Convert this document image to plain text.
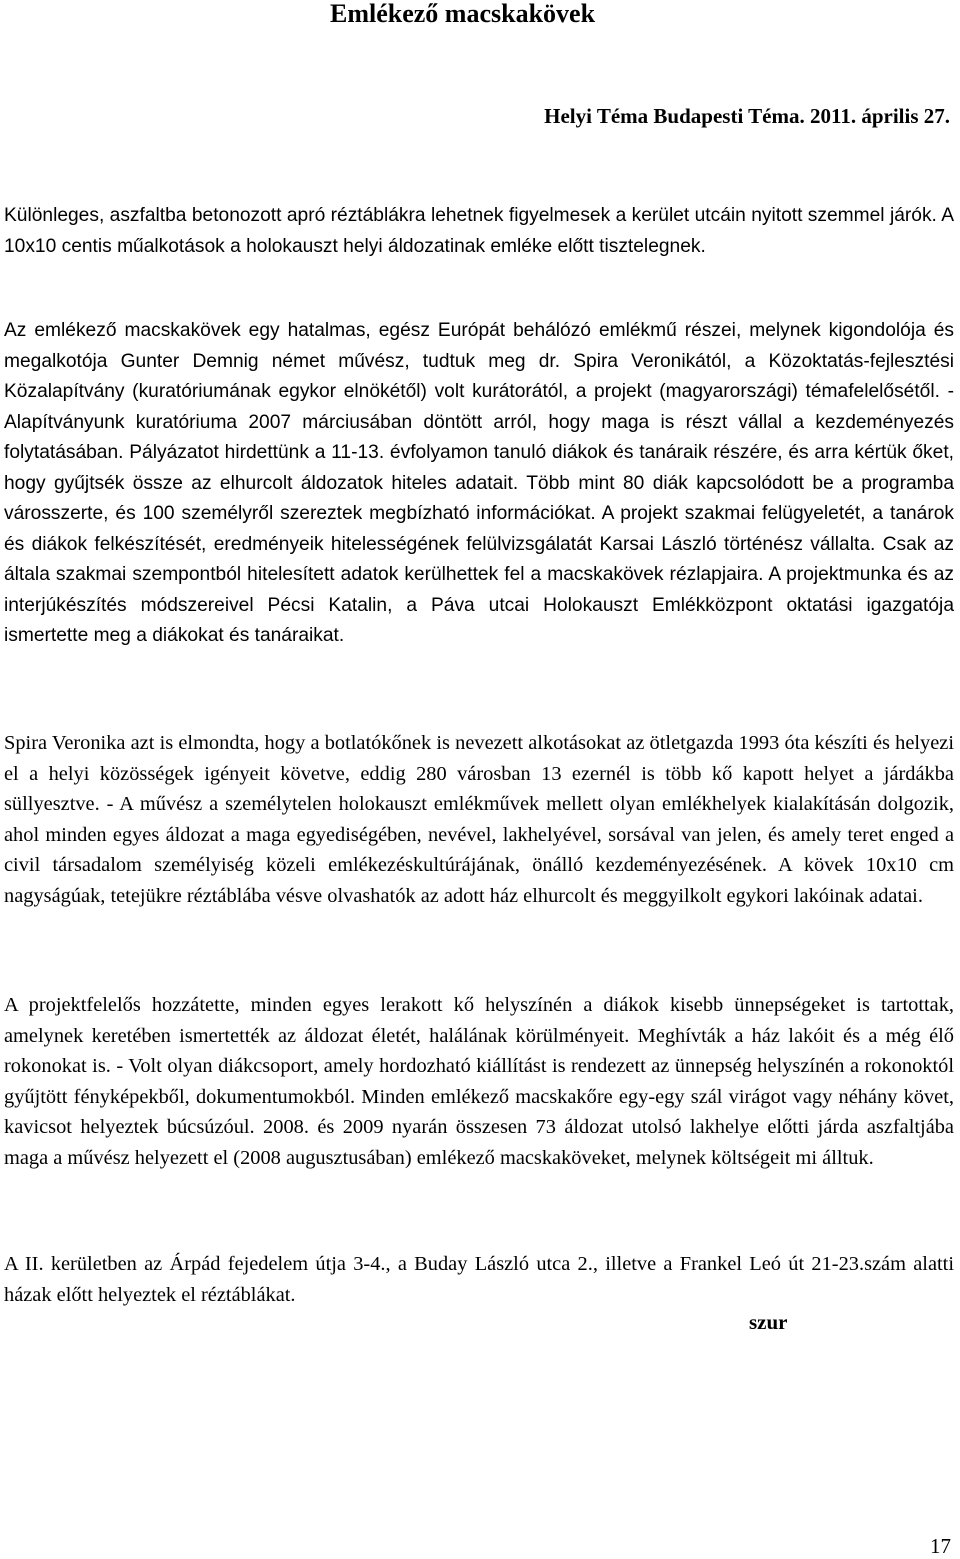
Emlékező macskakövek

Helyi Téma Budapesti Téma. 2011. április 27.

Különleges, aszfaltba betonozott apró réztáblákra lehetnek figyelmesek a kerület utcáin nyitott szemmel járók. A 10x10 centis műalkotások a holokauszt helyi áldozatinak emléke előtt tisztelegnek.

Az emlékező macskakövek egy hatalmas, egész Európát behálózó emlékmű részei, melynek kigondolója és megalkotója Gunter Demnig német művész, tudtuk meg dr. Spira Veronikától, a Közoktatás-fejlesztési Közalapítvány (kuratóriumának egykor elnökétől) volt kurátorától, a projekt (magyarországi) témafelelősétől. - Alapítványunk kuratóriuma 2007 márciusában döntött arról, hogy maga is részt vállal a kezdeményezés folytatásában. Pályázatot hirdettünk a 11-13. évfolyamon tanuló diákok és tanáraik részére, és arra kértük őket, hogy gyűjtsék össze az elhurcolt áldozatok hiteles adatait. Több mint 80 diák kapcsolódott be a programba városszerte, és 100 személyről szereztek megbízható információkat. A projekt szakmai felügyeletét, a tanárok és diákok felkészítését, eredményeik hitelességének felülvizsgálatát Karsai László történész vállalta. Csak az általa szakmai szempontból hitelesített adatok kerülhettek fel a macskakövek rézlapjaira. A projektmunka és az interjúkészítés módszereivel Pécsi Katalin, a Páva utcai Holokauszt Emlékközpont oktatási igazgatója ismertette meg a diákokat és tanáraikat.

Spira Veronika azt is elmondta, hogy a botlatókőnek is nevezett alkotásokat az ötletgazda 1993 óta készíti és helyezi el a helyi közösségek igényeit követve, eddig 280 városban 13 ezernél is több kő kapott helyet a járdákba süllyesztve. - A művész a személytelen holokauszt emlékművek mellett olyan emlékhelyek kialakításán dolgozik, ahol minden egyes áldozat a maga egyediségében, nevével, lakhelyével, sorsával van jelen, és amely teret enged a civil társadalom személyiség közeli emlékezéskultúrájának, önálló kezdeményezésének. A kövek 10x10 cm nagyságúak, tetejükre réztáblába vésve olvashatók az adott ház elhurcolt és meggyilkolt egykori lakóinak adatai.

A projektfelelős hozzátette, minden egyes lerakott kő helyszínén a diákok kisebb ünnepségeket is tartottak, amelynek keretében ismertették az áldozat életét, halálának körülményeit. Meghívták a ház lakóit és a még élő rokonokat is. - Volt olyan diákcsoport, amely hordozható kiállítást is rendezett az ünnepség helyszínén a rokonoktól gyűjtött fényképekből, dokumentumokból. Minden emlékező macskakőre egy-egy szál virágot vagy néhány követ, kavicsot helyeztek búcsúzóul. 2008. és 2009 nyarán összesen 73 áldozat utolsó lakhelye előtti járda aszfaltjába maga a művész helyezett el (2008 augusztusában) emlékező macskaköveket, melynek költségeit mi álltuk.

A II. kerületben az Árpád fejedelem útja 3-4., a Buday László utca 2., illetve a Frankel Leó út 21-23.szám alatti házak előtt helyeztek el réztáblákat.

szur

17
